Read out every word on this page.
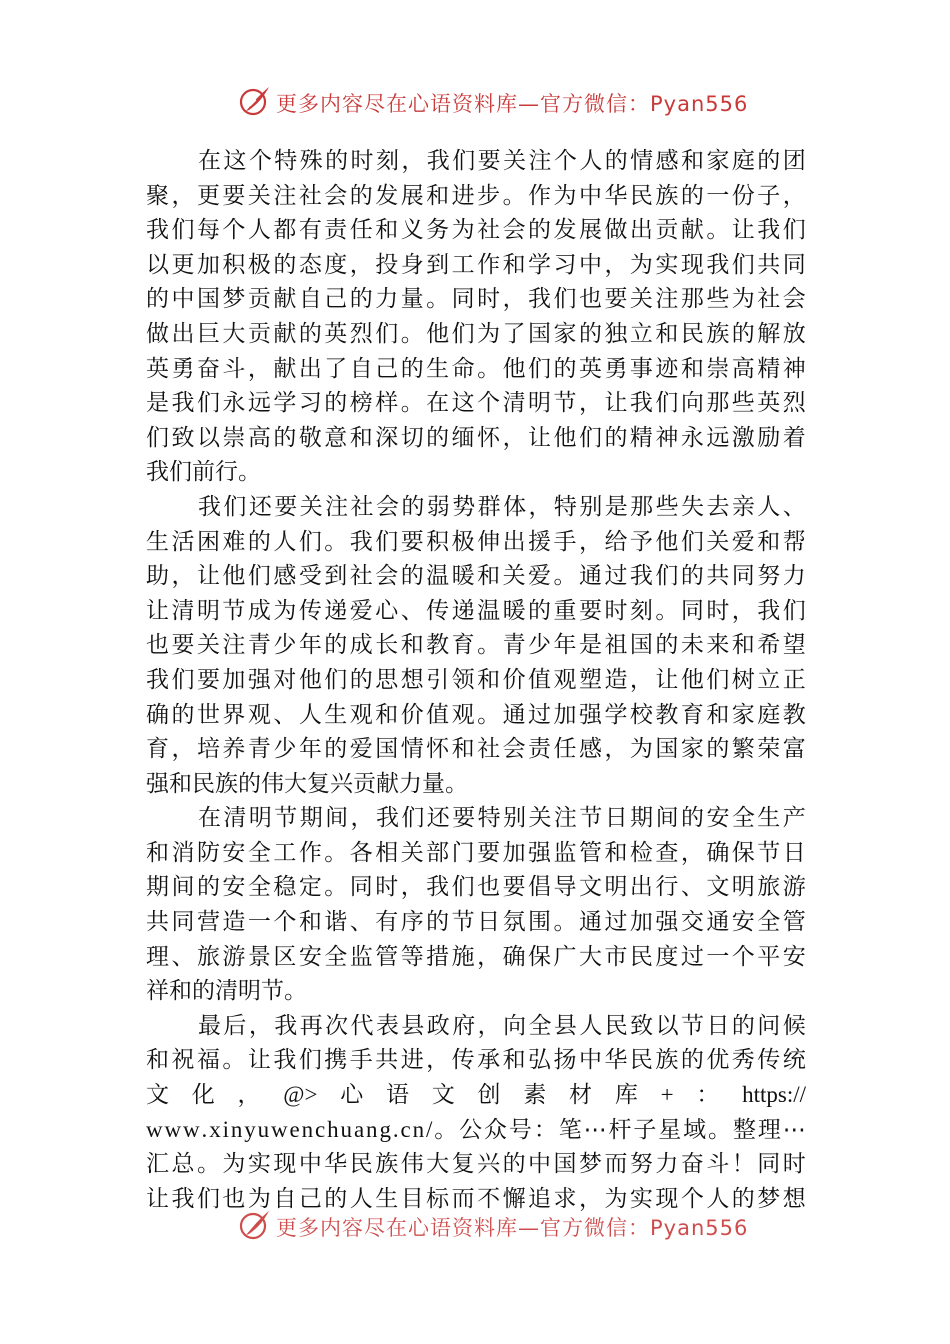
更多内容尽在心语资料库—官方微信：Pyan556
在 这 个 特 殊 的 时 刻 ， 我 们 要 关 注 个 人 的 情 感 和 家 庭 的 团
聚 ， 更 要 关 注 社 会 的 发 展 和 进 步 。 作 为 中 华 民 族 的 一 份 子 ，
我 们 每 个 人 都 有 责 任 和 义 务 为 社 会 的 发 展 做 出 贡 献 。 让 我 们
以 更 加 积 极 的 态 度 ， 投 身 到 工 作 和 学 习 中 ， 为 实 现 我 们 共 同
的 中 国 梦 贡 献 自 己 的 力 量 。 同 时 ， 我 们 也 要 关 注 那 些 为 社 会
做 出 巨 大 贡 献 的 英 烈 们 。 他 们 为 了 国 家 的 独 立 和 民 族 的 解 放
英 勇 奋 斗 ， 献 出 了 自 己 的 生 命 。 他 们 的 英 勇 事 迹 和 崇 高 精 神
是 我 们 永 远 学 习 的 榜 样 。 在 这 个 清 明 节 ， 让 我 们 向 那 些 英 烈
们 致 以 崇 高 的 敬 意 和 深 切 的 缅 怀 ， 让 他 们 的 精 神 永 远 激 励 着
我们前行。
我 们 还 要 关 注 社 会 的 弱 势 群 体 ， 特 别 是 那 些 失 去 亲 人 、
生 活 困 难 的 人 们 。 我 们 要 积 极 伸 出 援 手 ， 给 予 他 们 关 爱 和 帮
助 ， 让 他 们 感 受 到 社 会 的 温 暖 和 关 爱 。 通 过 我 们 的 共 同 努 力
让 清 明 节 成 为 传 递 爱 心 、 传 递 温 暖 的 重 要 时 刻 。 同 时 ， 我 们
也 要 关 注 青 少 年 的 成 长 和 教 育 。 青 少 年 是 祖 国 的 未 来 和 希 望
我 们 要 加 强 对 他 们 的 思 想 引 领 和 价 值 观 塑 造 ， 让 他 们 树 立 正
确 的 世 界 观 、 人 生 观 和 价 值 观 。 通 过 加 强 学 校 教 育 和 家 庭 教
育 ， 培 养 青 少 年 的 爱 国 情 怀 和 社 会 责 任 感 ， 为 国 家 的 繁 荣 富
强和民族的伟大复兴贡献力量。
在 清 明 节 期 间 ， 我 们 还 要 特 别 关 注 节 日 期 间 的 安 全 生 产
和 消 防 安 全 工 作 。 各 相 关 部 门 要 加 强 监 管 和 检 查 ， 确 保 节 日
期 间 的 安 全 稳 定 。 同 时 ， 我 们 也 要 倡 导 文 明 出 行 、 文 明 旅 游
共 同 营 造 一 个 和 谐 、 有 序 的 节 日 氛 围 。 通 过 加 强 交 通 安 全 管
理 、 旅 游 景 区 安 全 监 管 等 措 施 ， 确 保 广 大 市 民 度 过 一 个 平 安
祥和的清明节。
最 后 ， 我 再 次 代 表 县 政 府 ， 向 全 县 人 民 致 以 节 日 的 问 候
和 祝 福 。 让 我 们 携 手 共 进 ， 传 承 和 弘 扬 中 华 民 族 的 优 秀 传 统
文 化 ， @> 心 语 文 创 素 材 库 + ： https://
w w w . x i n y u w e n c h u a n g . c n / 。 公 众 号 ： 笔 ⋯ 杆 子 星 域 。 整 理 ⋯
汇 总 。 为 实 现 中 华 民 族 伟 大 复 兴 的 中 国 梦 而 努 力 奋 斗 ！ 同 时
让 我 们 也 为 自 己 的 人 生 目 标 而 不 懈 追 求 ， 为 实 现 个 人 的 梦 想
更多内容尽在心语资料库—官方微信：Pyan556
